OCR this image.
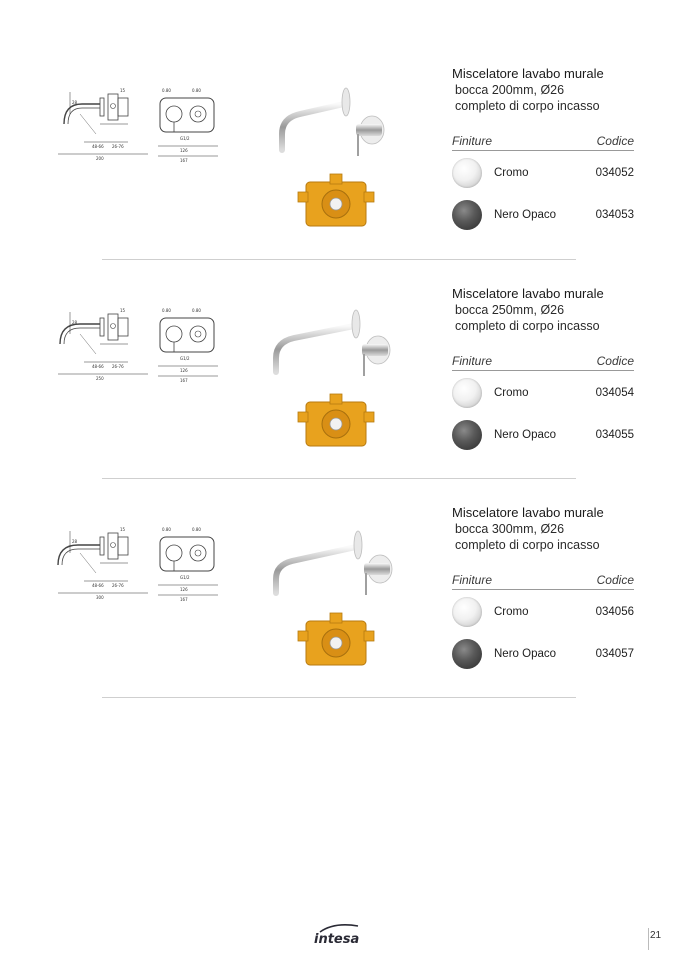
200
48-66 26-76
28
15	0.80	0.80
G1/2
126
167
Miscelatore lavabo murale
bocca 200mm, Ø26
completo di corpo incasso
Finiture	Codice
Cromo	034052
Nero Opaco	034053
250
48-66 26-76
28
15	0.80	0.80
G1/2
126
167
Miscelatore lavabo murale
bocca 250mm, Ø26
completo di corpo incasso
Finiture	Codice
Cromo	034054
Nero Opaco	034055
300
48-66 26-76
28
15	0.80	0.80
G1/2
126
167
Miscelatore lavabo murale
bocca 300mm, Ø26
completo di corpo incasso
Finiture	Codice
Cromo	034056
Nero Opaco	034057
intesa	21
